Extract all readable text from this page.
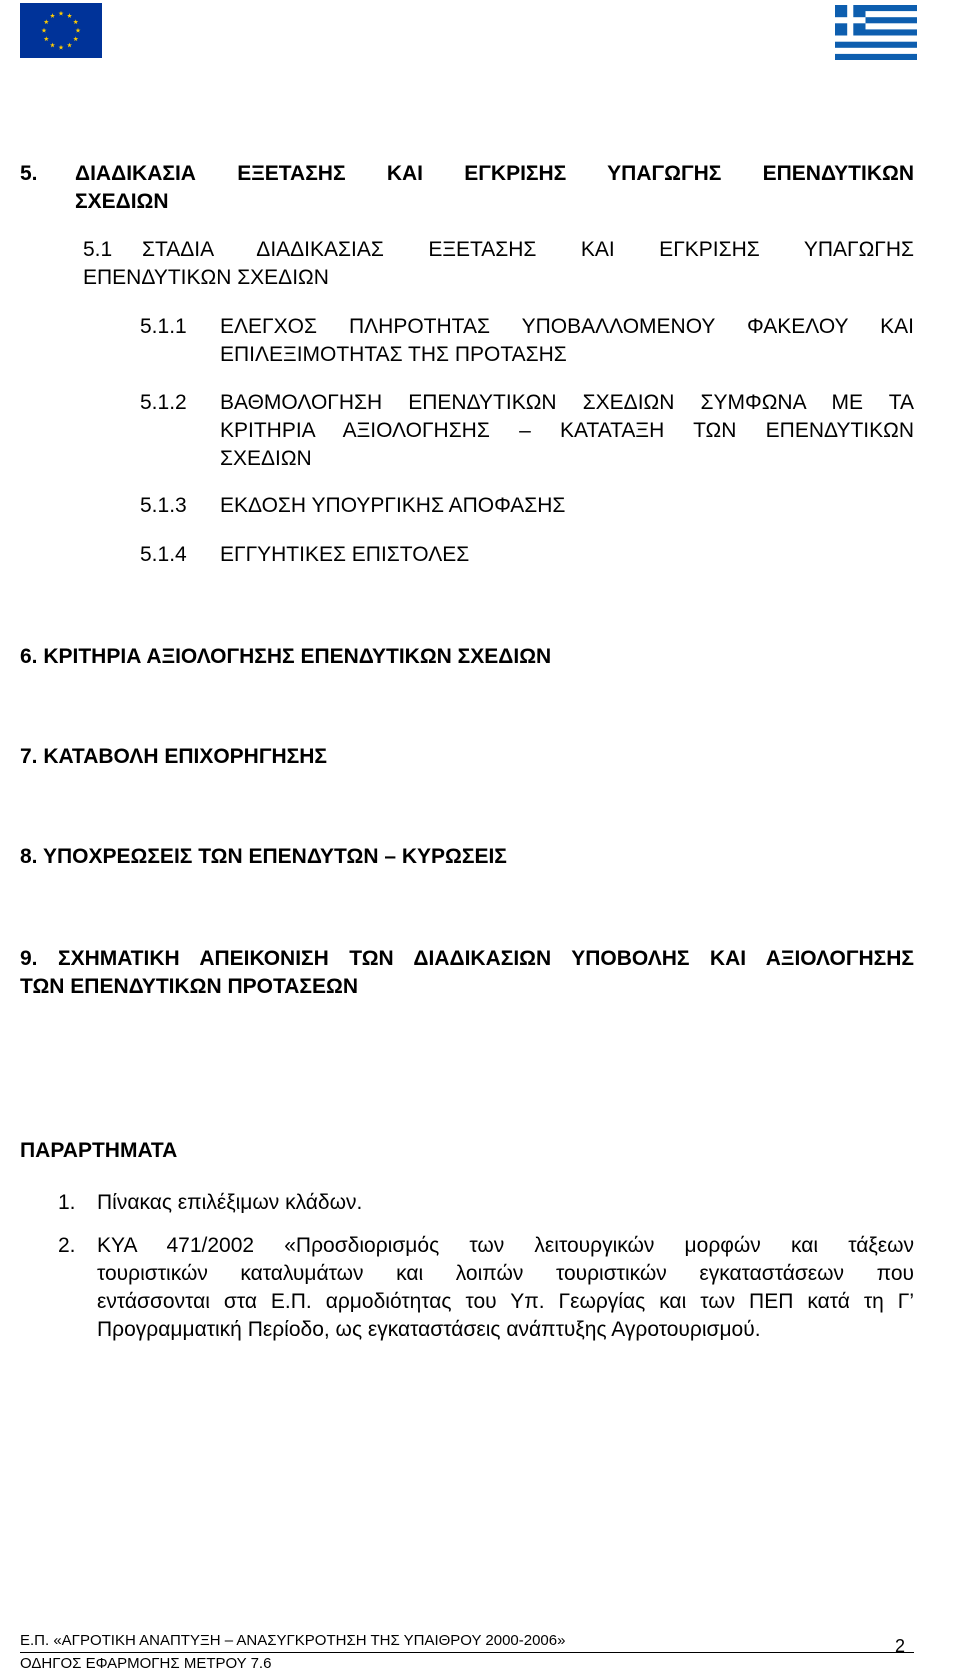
5.	ΔΙΑΔΙΚΑΣΙΑ ΕΞΕΤΑΣΗΣ ΚΑΙ ΕΓΚΡΙΣΗΣ ΥΠΑΓΩΓΗΣ ΕΠΕΝΔΥΤΙΚΩΝ
ΣΧΕΔΙΩΝ
5.1	ΣΤΑΔΙΑ ΔΙΑΔΙΚΑΣΙΑΣ ΕΞΕΤΑΣΗΣ ΚΑΙ ΕΓΚΡΙΣΗΣ ΥΠΑΓΩΓΗΣ
ΕΠΕΝΔΥΤΙΚΩΝ ΣΧΕΔΙΩΝ
5.1.1	ΕΛΕΓΧΟΣ ΠΛΗΡΟΤΗΤΑΣ ΥΠΟΒΑΛΛΟΜΕΝΟΥ ΦΑΚΕΛΟΥ ΚΑΙ
ΕΠΙΛΕΞΙΜΟΤΗΤΑΣ ΤΗΣ ΠΡΟΤΑΣΗΣ
5.1.2	ΒΑΘΜΟΛΟΓΗΣΗ ΕΠΕΝΔΥΤΙΚΩΝ ΣΧΕΔΙΩΝ ΣΥΜΦΩΝΑ ΜΕ ΤΑ
ΚΡΙΤΗΡΙΑ ΑΞΙΟΛΟΓΗΣΗΣ – ΚΑΤΑΤΑΞΗ ΤΩΝ ΕΠΕΝΔΥΤΙΚΩΝ
ΣΧΕΔΙΩΝ
5.1.3	ΕΚΔΟΣΗ ΥΠΟΥΡΓΙΚΗΣ ΑΠΟΦΑΣΗΣ
5.1.4	ΕΓΓΥΗΤΙΚΕΣ ΕΠΙΣΤΟΛΕΣ
6. ΚΡΙΤΗΡΙΑ ΑΞΙΟΛΟΓΗΣΗΣ ΕΠΕΝΔΥΤΙΚΩΝ ΣΧΕΔΙΩΝ
7. ΚΑΤΑΒΟΛΗ ΕΠΙΧΟΡΗΓΗΣΗΣ
8. ΥΠΟΧΡΕΩΣΕΙΣ ΤΩΝ ΕΠΕΝΔΥΤΩΝ – ΚΥΡΩΣΕΙΣ
9. ΣΧΗΜΑΤΙΚΗ ΑΠΕΙΚΟΝΙΣΗ ΤΩΝ ΔΙΑΔΙΚΑΣΙΩΝ ΥΠΟΒΟΛΗΣ ΚΑΙ ΑΞΙΟΛΟΓΗΣΗΣ
ΤΩΝ ΕΠΕΝΔΥΤΙΚΩΝ ΠΡΟΤΑΣΕΩΝ
ΠΑΡΑΡΤΗΜΑΤΑ
1.	Πίνακας επιλέξιμων κλάδων.
2.	ΚΥΑ 471/2002 «Προσδιορισμός των λειτουργικών μορφών και τάξεων
τουριστικών καταλυμάτων και λοιπών τουριστικών εγκαταστάσεων που
εντάσσονται στα Ε.Π. αρμοδιότητας του Υπ. Γεωργίας και των ΠΕΠ κατά τη Γ’
Προγραμματική Περίοδο, ως εγκαταστάσεις ανάπτυξης Αγροτουρισμού.
Ε.Π. «ΑΓΡΟΤΙΚΗ ΑΝΑΠΤΥΞΗ – ΑΝΑΣΥΓΚΡΟΤΗΣΗ ΤΗΣ ΥΠΑΙΘΡΟΥ 2000-2006»
ΟΔΗΓΟΣ ΕΦΑΡΜΟΓΗΣ ΜΕΤΡΟΥ 7.6
2
